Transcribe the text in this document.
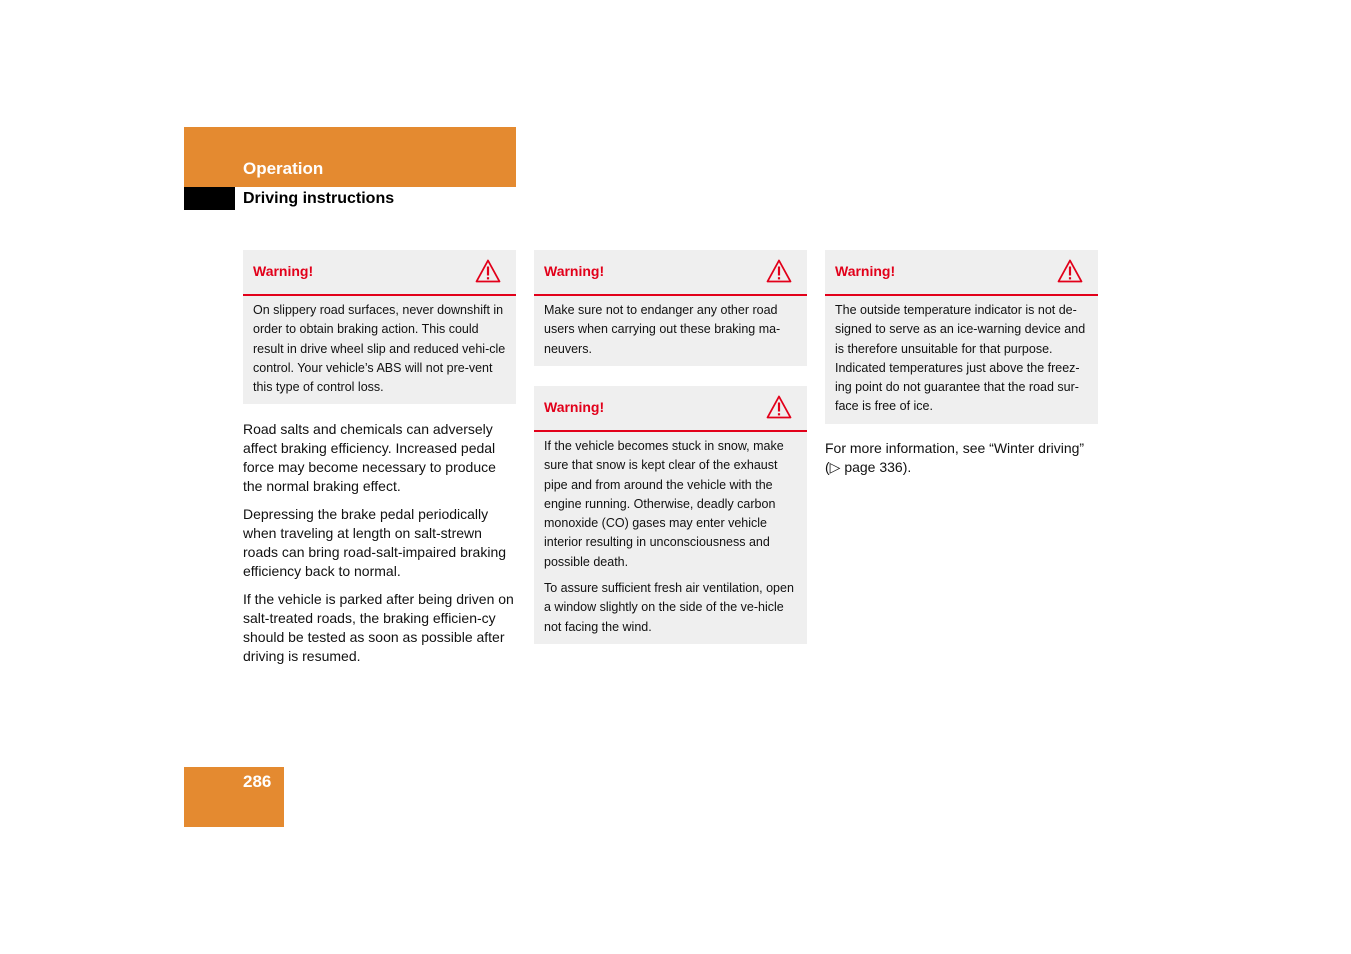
Operation
Driving instructions
Warning!

On slippery road surfaces, never downshift in order to obtain braking action. This could result in drive wheel slip and reduced vehi-cle control. Your vehicle’s ABS will not pre-vent this type of control loss.

Road salts and chemicals can adversely affect braking efficiency. Increased pedal force may become necessary to produce the normal braking effect.

Depressing the brake pedal periodically when traveling at length on salt-strewn roads can bring road-salt-impaired braking efficiency back to normal.

If the vehicle is parked after being driven on salt-treated roads, the braking efficien-cy should be tested as soon as possible after driving is resumed.

Warning!

Make sure not to endanger any other road users when carrying out these braking ma-neuvers.

Warning!

If the vehicle becomes stuck in snow, make sure that snow is kept clear of the exhaust pipe and from around the vehicle with the engine running. Otherwise, deadly carbon monoxide (CO) gases may enter vehicle interior resulting in unconsciousness and possible death.

To assure sufficient fresh air ventilation, open a window slightly on the side of the ve-hicle not facing the wind.

Warning!

The outside temperature indicator is not de-signed to serve as an ice-warning device and is therefore unsuitable for that purpose. Indicated temperatures just above the freez-ing point do not guarantee that the road sur-face is free of ice.

For more information, see “Winter driving” (▷ page 336).

286
